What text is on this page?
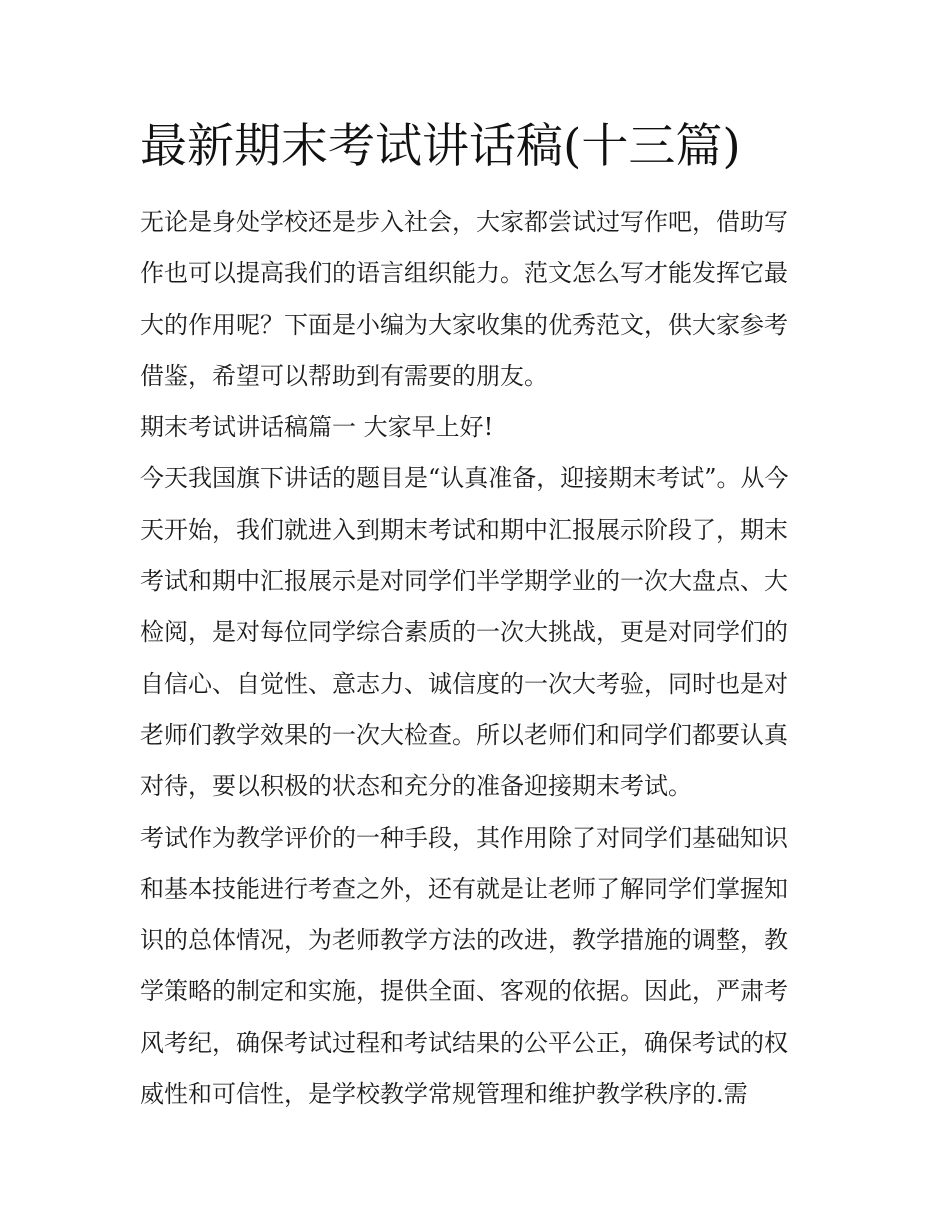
最新期末考试讲话稿(十三篇)

无论是身处学校还是步入社会，大家都尝试过写作吧，借助写
作也可以提高我们的语言组织能力。范文怎么写才能发挥它最
大的作用呢？下面是小编为大家收集的优秀范文，供大家参考
借鉴，希望可以帮助到有需要的朋友。

期末考试讲话稿篇一 大家早上好!

今天我国旗下讲话的题目是“认真准备，迎接期末考试”。从今
天开始，我们就进入到期末考试和期中汇报展示阶段了，期末
考试和期中汇报展示是对同学们半学期学业的一次大盘点、大
检阅，是对每位同学综合素质的一次大挑战，更是对同学们的
自信心、自觉性、意志力、诚信度的一次大考验，同时也是对
老师们教学效果的一次大检查。所以老师们和同学们都要认真
对待，要以积极的状态和充分的准备迎接期末考试。

考试作为教学评价的一种手段，其作用除了对同学们基础知识
和基本技能进行考查之外，还有就是让老师了解同学们掌握知
识的总体情况，为老师教学方法的改进，教学措施的调整，教
学策略的制定和实施，提供全面、客观的依据。因此，严肃考
风考纪，确保考试过程和考试结果的公平公正，确保考试的权
威性和可信性，是学校教学常规管理和维护教学秩序的.需
